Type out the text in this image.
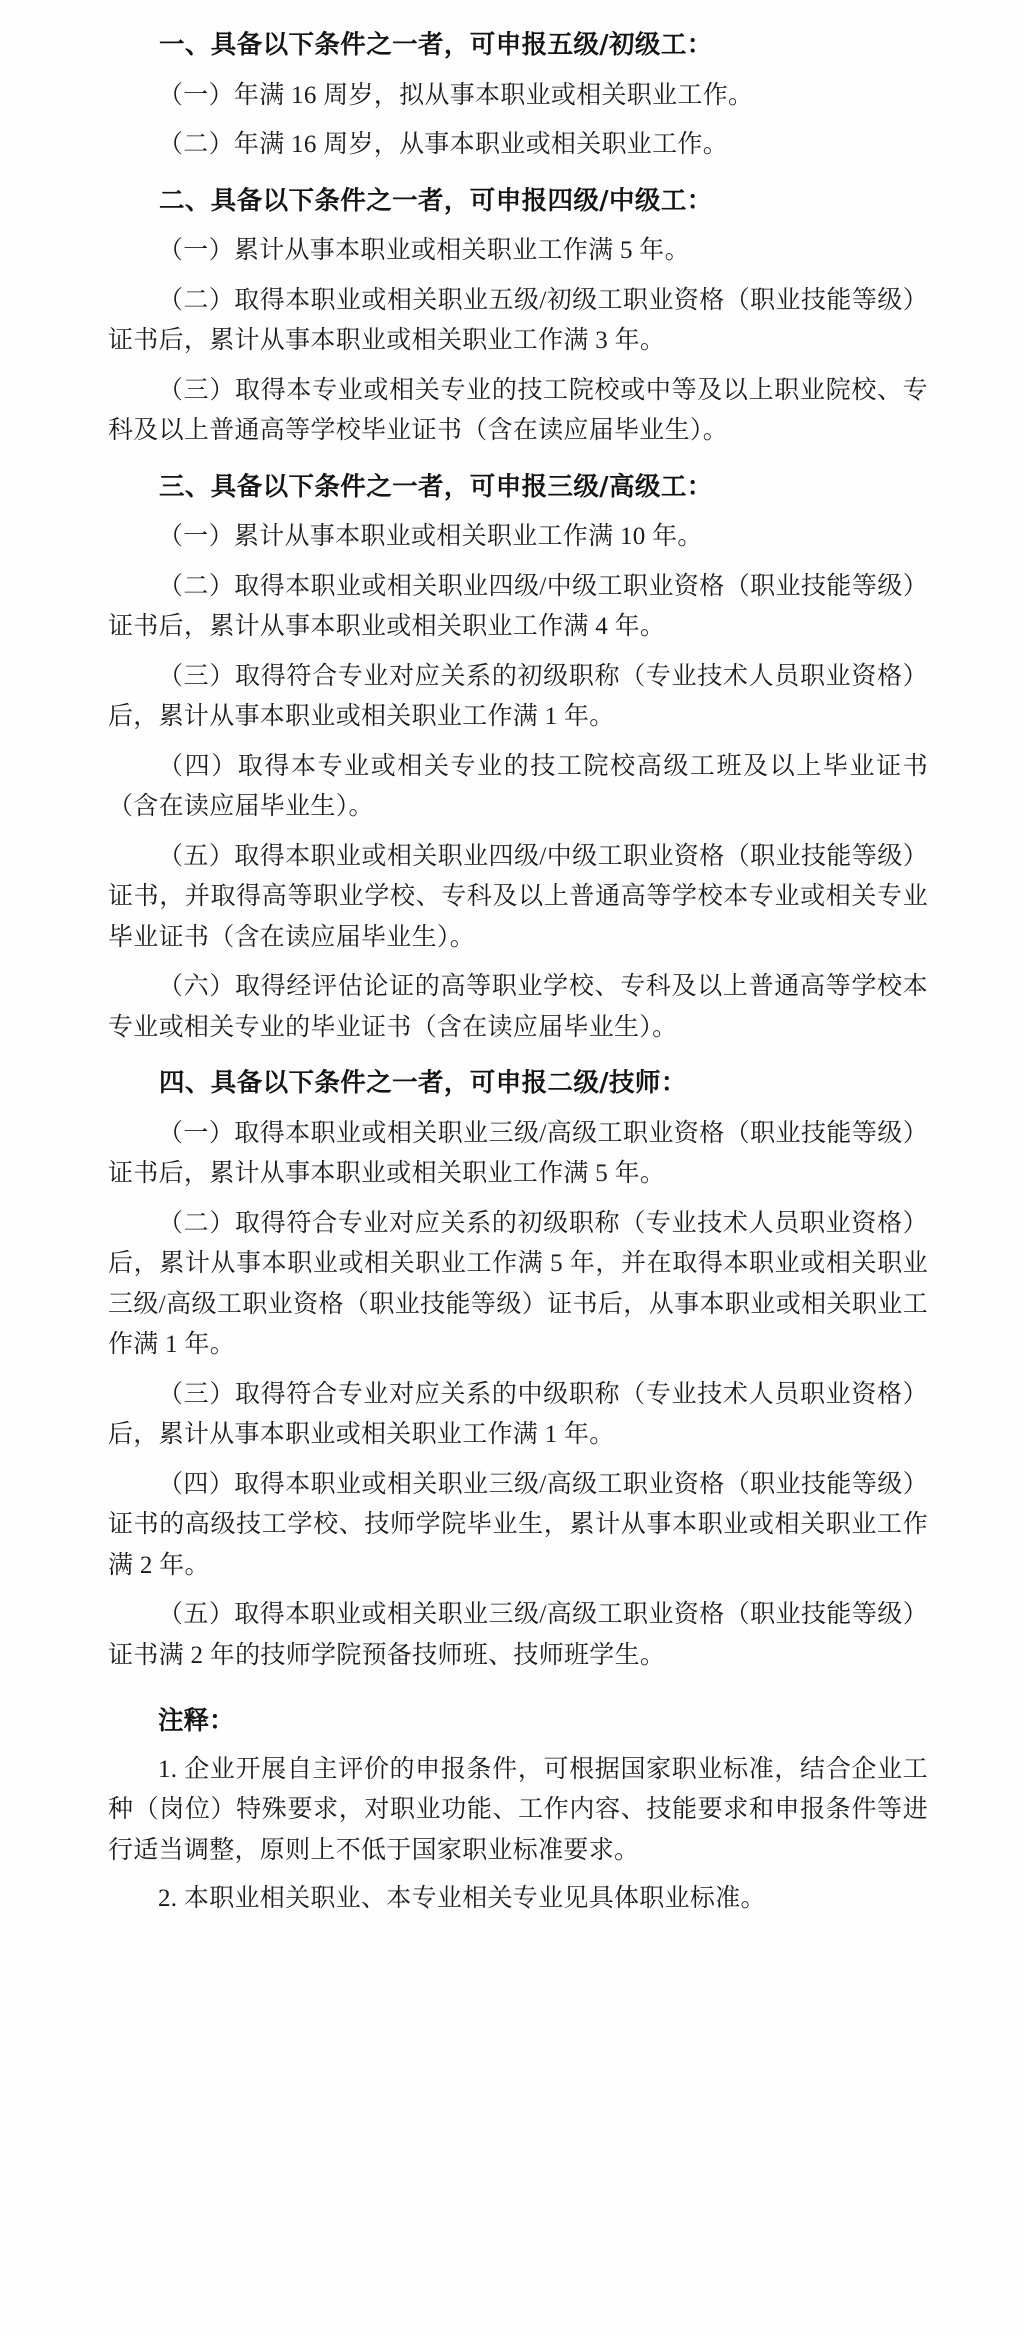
一、具备以下条件之一者，可申报五级/初级工：

（一）年满 16 周岁，拟从事本职业或相关职业工作。

（二）年满 16 周岁，从事本职业或相关职业工作。

二、具备以下条件之一者，可申报四级/中级工：

（一）累计从事本职业或相关职业工作满 5 年。

（二）取得本职业或相关职业五级/初级工职业资格（职业技能等级）证书后，累计从事本职业或相关职业工作满 3 年。

（三）取得本专业或相关专业的技工院校或中等及以上职业院校、专科及以上普通高等学校毕业证书（含在读应届毕业生）。

三、具备以下条件之一者，可申报三级/高级工：

（一）累计从事本职业或相关职业工作满 10 年。

（二）取得本职业或相关职业四级/中级工职业资格（职业技能等级）证书后，累计从事本职业或相关职业工作满 4 年。

（三）取得符合专业对应关系的初级职称（专业技术人员职业资格）后，累计从事本职业或相关职业工作满 1 年。

（四）取得本专业或相关专业的技工院校高级工班及以上毕业证书（含在读应届毕业生）。

（五）取得本职业或相关职业四级/中级工职业资格（职业技能等级）证书，并取得高等职业学校、专科及以上普通高等学校本专业或相关专业毕业证书（含在读应届毕业生）。

（六）取得经评估论证的高等职业学校、专科及以上普通高等学校本专业或相关专业的毕业证书（含在读应届毕业生）。

四、具备以下条件之一者，可申报二级/技师：

（一）取得本职业或相关职业三级/高级工职业资格（职业技能等级）证书后，累计从事本职业或相关职业工作满 5 年。

（二）取得符合专业对应关系的初级职称（专业技术人员职业资格）后，累计从事本职业或相关职业工作满 5 年，并在取得本职业或相关职业三级/高级工职业资格（职业技能等级）证书后，从事本职业或相关职业工作满 1 年。

（三）取得符合专业对应关系的中级职称（专业技术人员职业资格）后，累计从事本职业或相关职业工作满 1 年。

（四）取得本职业或相关职业三级/高级工职业资格（职业技能等级）证书的高级技工学校、技师学院毕业生，累计从事本职业或相关职业工作满 2 年。

（五）取得本职业或相关职业三级/高级工职业资格（职业技能等级）证书满 2 年的技师学院预备技师班、技师班学生。

注释：

1. 企业开展自主评价的申报条件，可根据国家职业标准，结合企业工种（岗位）特殊要求，对职业功能、工作内容、技能要求和申报条件等进行适当调整，原则上不低于国家职业标准要求。

2. 本职业相关职业、本专业相关专业见具体职业标准。
